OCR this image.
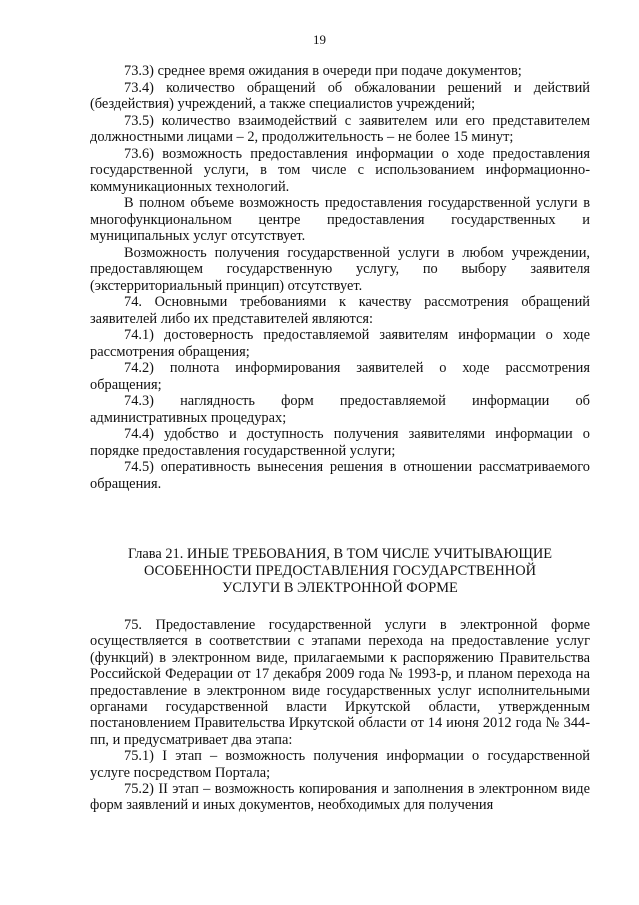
19

73.3) среднее время ожидания в очереди при подаче документов;

73.4) количество обращений об обжаловании решений и действий (бездействия) учреждений, а также специалистов учреждений;

73.5) количество взаимодействий с заявителем или его представителем должностными лицами – 2, продолжительность – не более 15 минут;

73.6) возможность предоставления информации о ходе предоставления государственной услуги, в том числе с использованием информационно-коммуникационных технологий.

В полном объеме возможность предоставления государственной услуги в многофункциональном центре предоставления государственных и муниципальных услуг отсутствует.

Возможность получения государственной услуги в любом учреждении, предоставляющем государственную услугу, по выбору заявителя (экстерриториальный принцип) отсутствует.

74. Основными требованиями к качеству рассмотрения обращений заявителей либо их представителей являются:

74.1) достоверность предоставляемой заявителям информации о ходе рассмотрения обращения;

74.2) полнота информирования заявителей о ходе рассмотрения обращения;

74.3) наглядность форм предоставляемой информации об административных процедурах;

74.4) удобство и доступность получения заявителями информации о порядке предоставления государственной услуги;

74.5) оперативность вынесения решения в отношении рассматриваемого обращения.

Глава 21. ИНЫЕ ТРЕБОВАНИЯ, В ТОМ ЧИСЛЕ УЧИТЫВАЮЩИЕ
ОСОБЕННОСТИ ПРЕДОСТАВЛЕНИЯ ГОСУДАРСТВЕННОЙ
УСЛУГИ В ЭЛЕКТРОННОЙ ФОРМЕ

75. Предоставление государственной услуги в электронной форме осуществляется в соответствии с этапами перехода на предоставление услуг (функций) в электронном виде, прилагаемыми к распоряжению Правительства Российской Федерации от 17 декабря 2009 года № 1993-р, и планом перехода на предоставление в электронном виде государственных услуг исполнительными органами государственной власти Иркутской области, утвержденным постановлением Правительства Иркутской области от 14 июня 2012 года № 344-пп, и предусматривает два этапа:

75.1) I этап – возможность получения информации о государственной услуге посредством Портала;

75.2) II этап – возможность копирования и заполнения в электронном виде форм заявлений и иных документов, необходимых для получения
